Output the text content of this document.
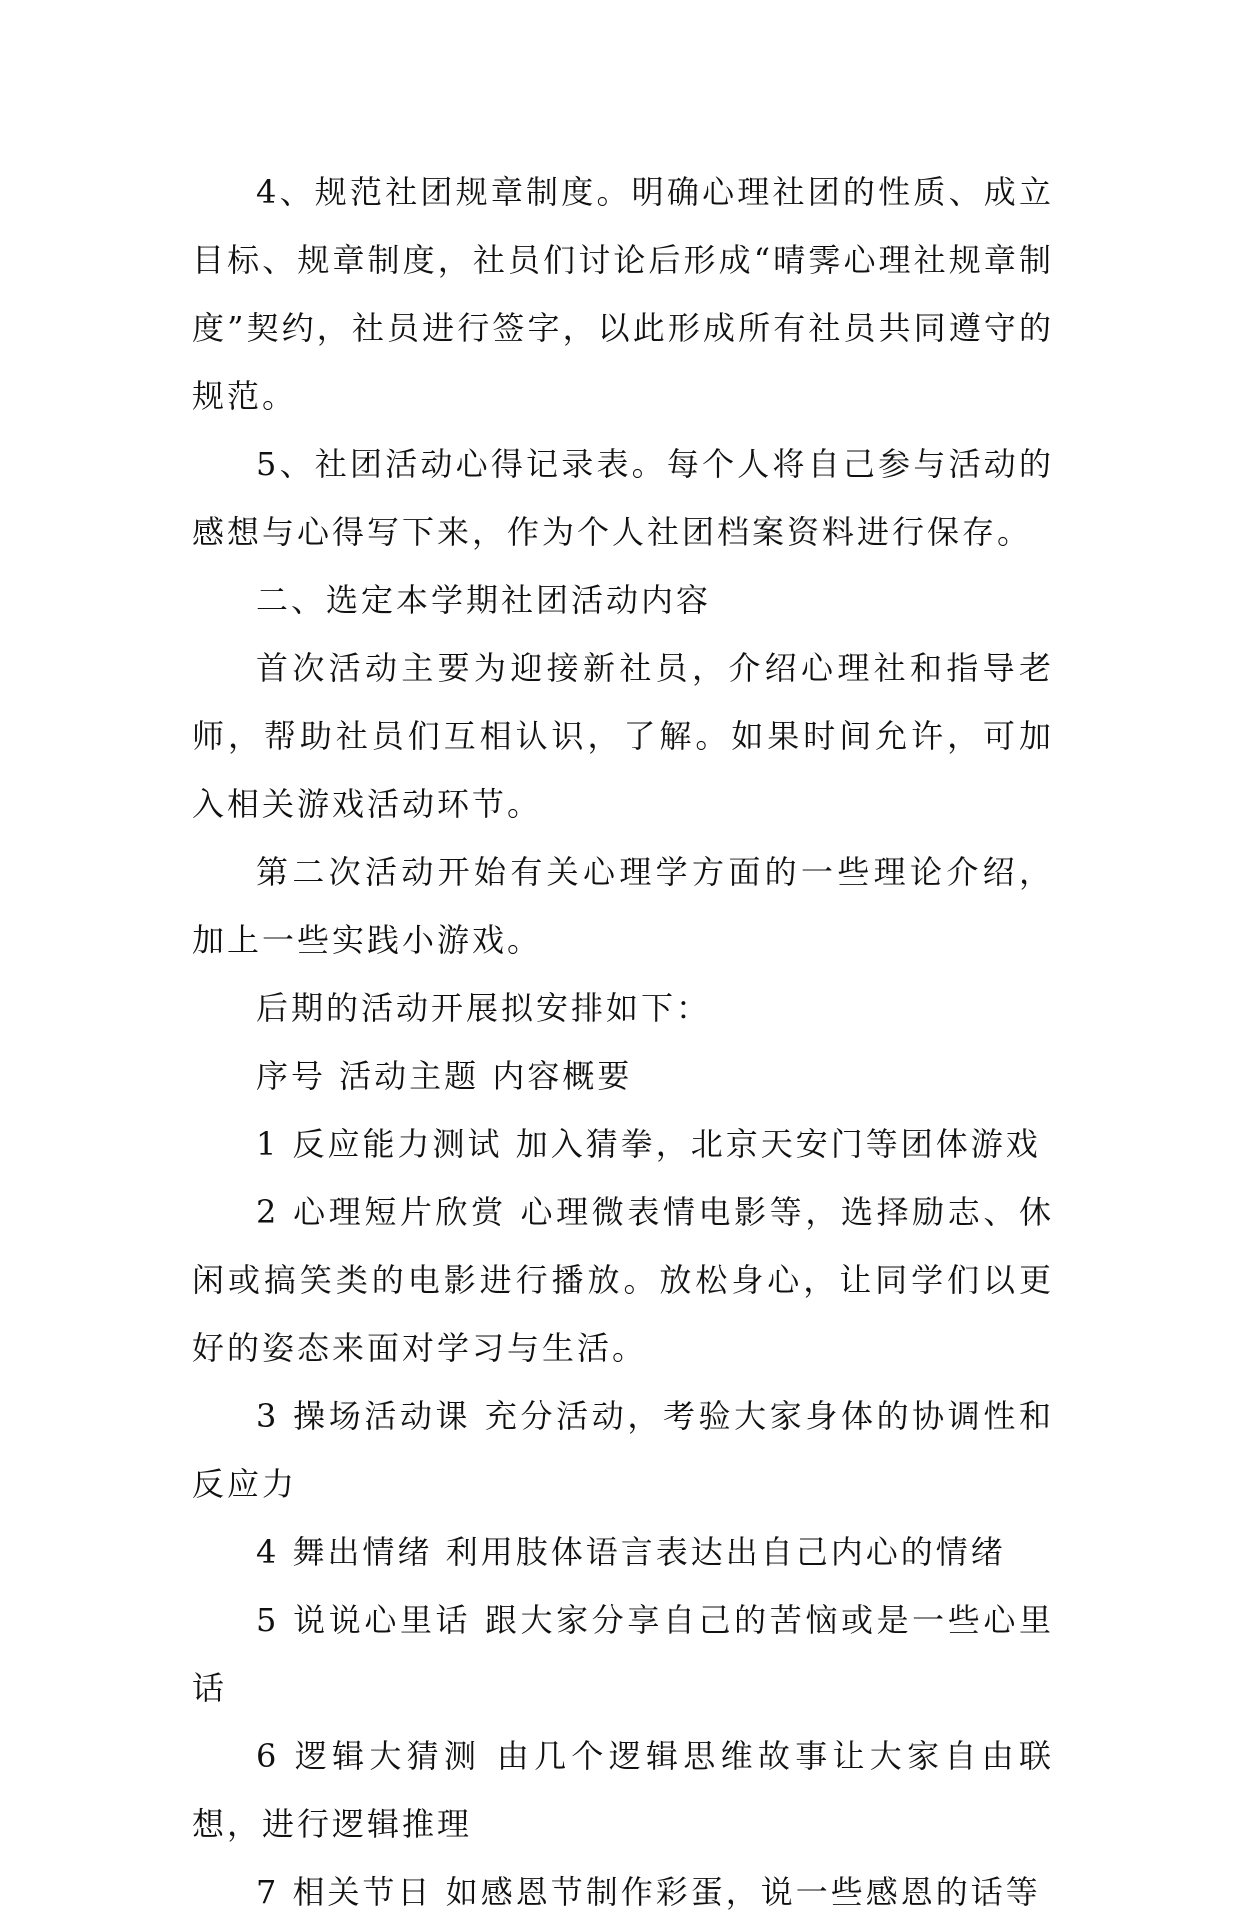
4、规范社团规章制度。明确心理社团的性质、成立目标、规章制度，社员们讨论后形成“晴霁心理社规章制度”契约，社员进行签字，以此形成所有社员共同遵守的规范。

5、社团活动心得记录表。每个人将自己参与活动的感想与心得写下来，作为个人社团档案资料进行保存。

二、选定本学期社团活动内容

首次活动主要为迎接新社员，介绍心理社和指导老师，帮助社员们互相认识，了解。如果时间允许，可加入相关游戏活动环节。

第二次活动开始有关心理学方面的一些理论介绍，加上一些实践小游戏。

后期的活动开展拟安排如下：

序号 活动主题 内容概要

1 反应能力测试 加入猜拳，北京天安门等团体游戏

2 心理短片欣赏 心理微表情电影等，选择励志、休闲或搞笑类的电影进行播放。放松身心，让同学们以更好的姿态来面对学习与生活。

3 操场活动课 充分活动，考验大家身体的协调性和反应力

4 舞出情绪 利用肢体语言表达出自己内心的情绪

5 说说心里话 跟大家分享自己的苦恼或是一些心里话

6 逻辑大猜测 由几个逻辑思维故事让大家自由联想，进行逻辑推理

7 相关节日 如感恩节制作彩蛋，说一些感恩的话等
